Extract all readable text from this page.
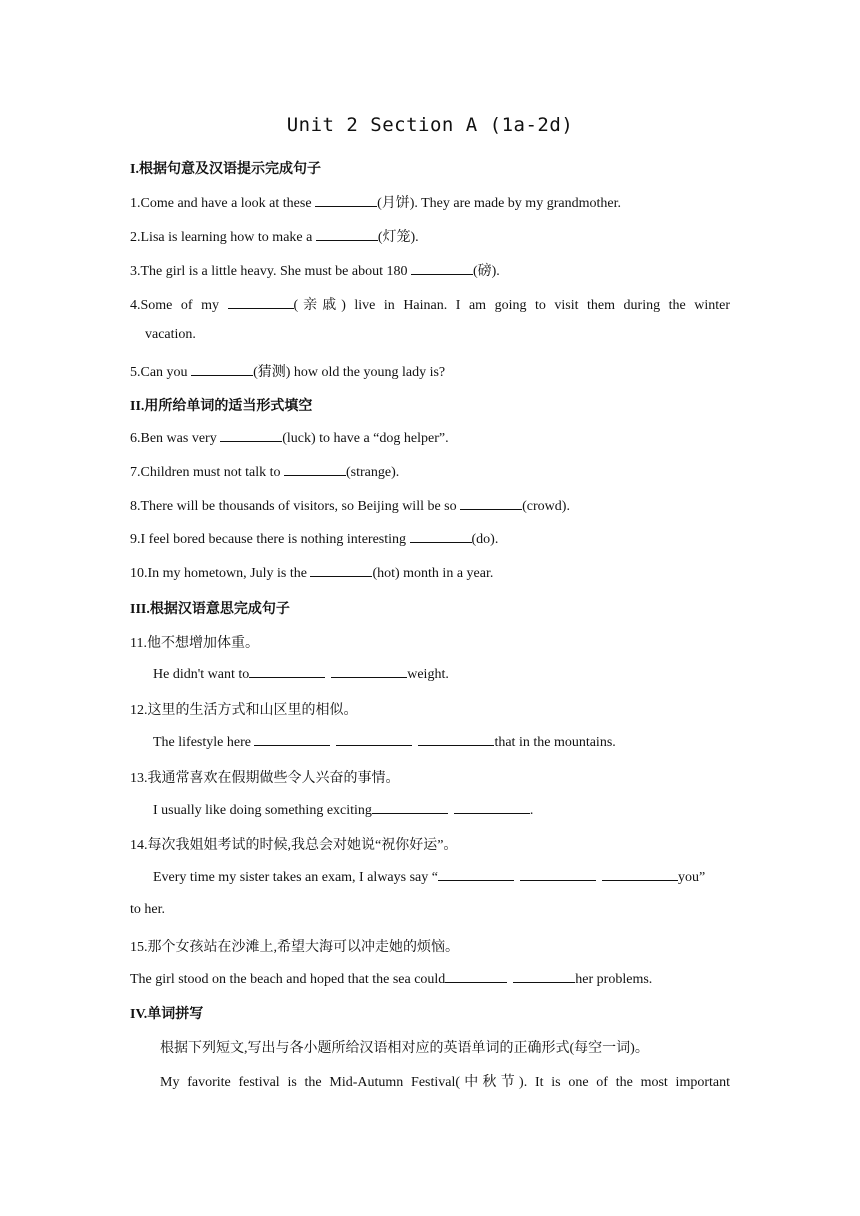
Unit 2 Section A (1a-2d)
I.根据句意及汉语提示完成句子
1.Come and have a look at these	(月饼). They are made by my grandmother.
2.Lisa is learning how to make a	(灯笼).
3.The girl is a little heavy. She must be about 180	(磅).
4.Some of my	(亲戚) live in Hainan. I am going to visit them during the winter
vacation.
5.Can you	(猜测) how old the young lady is?
II.用所给单词的适当形式填空
6.Ben was very	(luck) to have a “dog helper”.
7.Children must not talk to	(strange).
8.There will be thousands of visitors, so Beijing will be so	(crowd).
9.I feel bored because there is nothing interesting	(do).
10.In my hometown, July is the	(hot) month in a year.
III.根据汉语意思完成句子
11.他不想增加体重。
He didn't want to	weight.
12.这里的生活方式和山区里的相似。
The lifestyle here	that in the mountains.
13.我通常喜欢在假期做些令人兴奋的事情。
I usually like doing something exciting	.
14.每次我姐姐考试的时候,我总会对她说“祝你好运”。
Every time my sister takes an exam, I always say “	you”
to her.
15.那个女孩站在沙滩上,希望大海可以冲走她的烦恼。
The girl stood on the beach and hoped that the sea could	her problems.
IV.单词拼写
根据下列短文,写出与各小题所给汉语相对应的英语单词的正确形式(每空一词)。
My favorite festival is the Mid-Autumn Festival(中秋节). It is one of the most important
